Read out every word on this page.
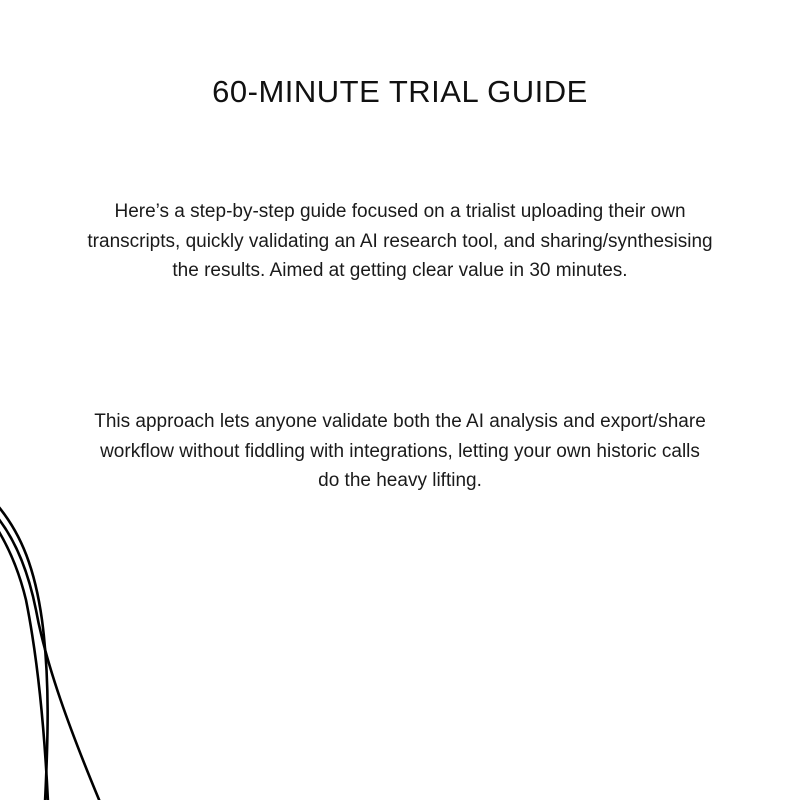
60-MINUTE TRIAL GUIDE

Here’s a step-by-step guide focused on a trialist uploading their own
transcripts, quickly validating an AI research tool, and sharing/synthesising
the results. Aimed at getting clear value in 30 minutes.

This approach lets anyone validate both the AI analysis and export/share
workflow without fiddling with integrations, letting your own historic calls
do the heavy lifting.
